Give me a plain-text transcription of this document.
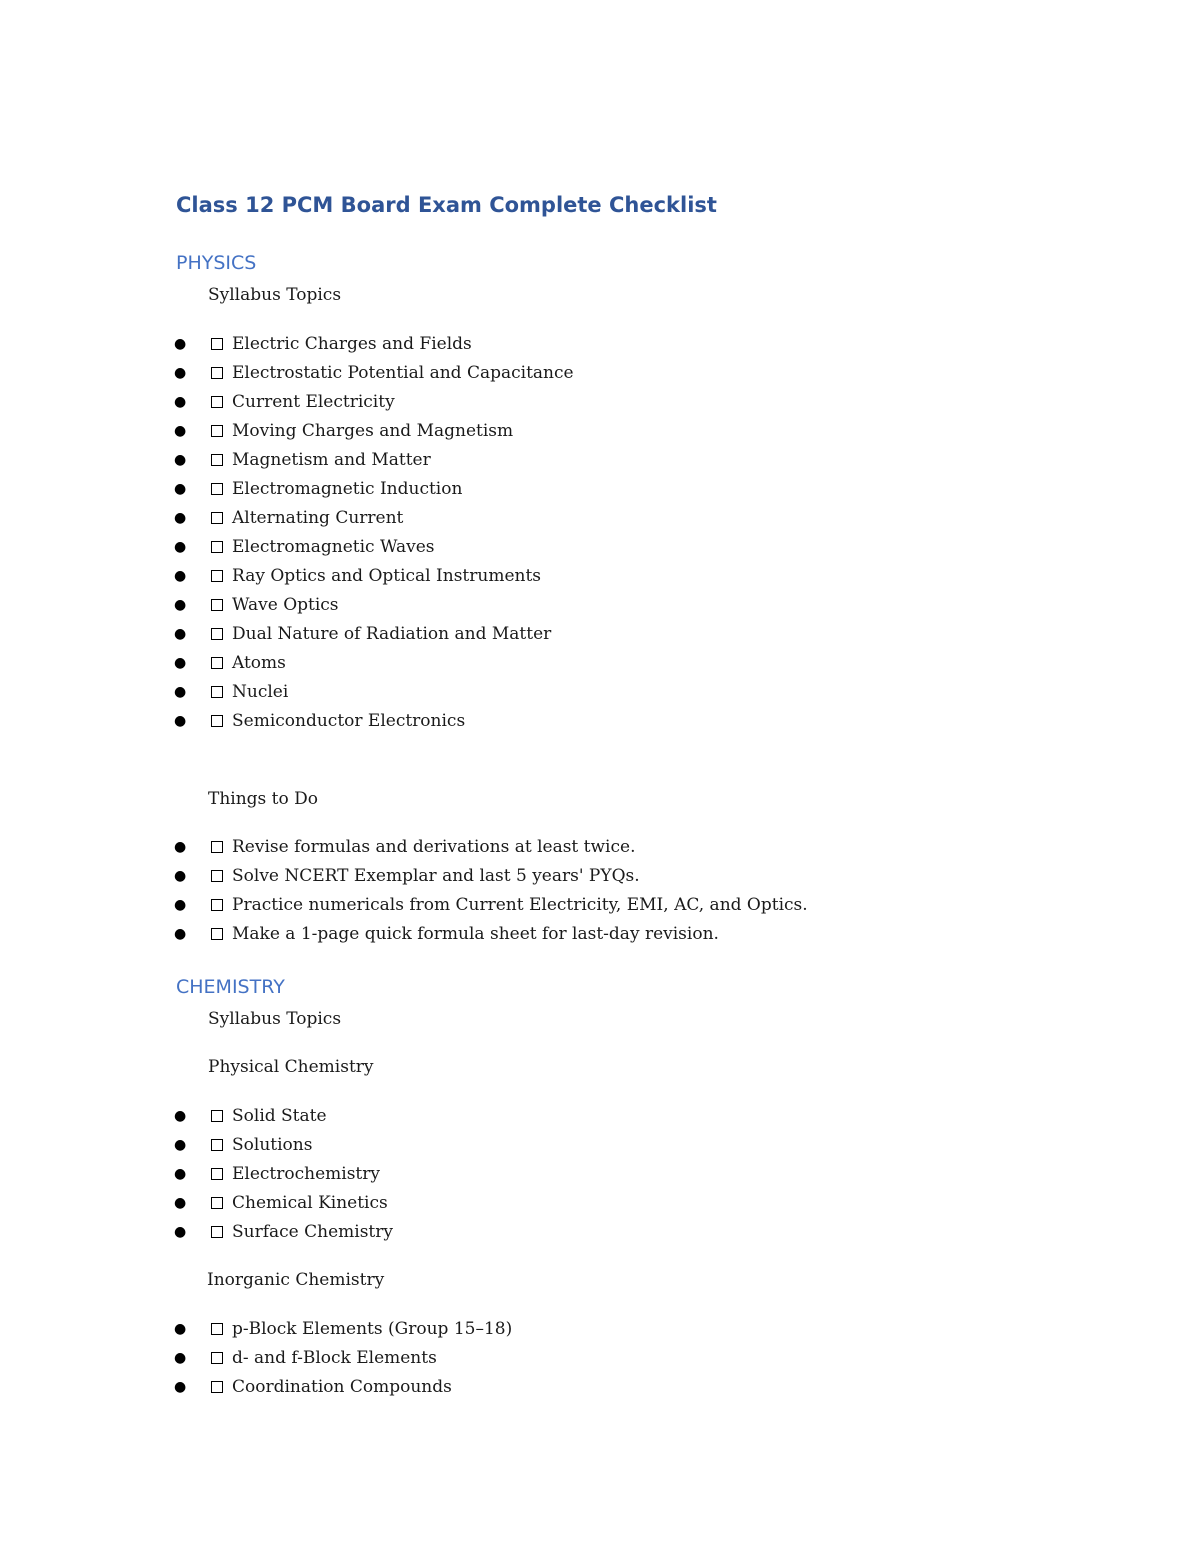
Class 12 PCM Board Exam Complete Checklist
PHYSICS

Syllabus Topics

●	Electric Charges and Fields
●	Electrostatic Potential and Capacitance
●	Current Electricity
●	Moving Charges and Magnetism
●	Magnetism and Matter
●	Electromagnetic Induction
●	Alternating Current
●	Electromagnetic Waves
●	Ray Optics and Optical Instruments
●	Wave Optics
●	Dual Nature of Radiation and Matter
●	Atoms
●	Nuclei
●	Semiconductor Electronics

Things to Do

●	Revise formulas and derivations at least twice.
●	Solve NCERT Exemplar and last 5 years' PYQs.
●	Practice numericals from Current Electricity, EMI, AC, and Optics.
●	Make a 1-page quick formula sheet for last-day revision.
CHEMISTRY

Syllabus Topics

Physical Chemistry

●	Solid State
●	Solutions
●	Electrochemistry
●	Chemical Kinetics
●	Surface Chemistry

Inorganic Chemistry

●	p-Block Elements (Group 15–18)
●	d- and f-Block Elements
●	Coordination Compounds
